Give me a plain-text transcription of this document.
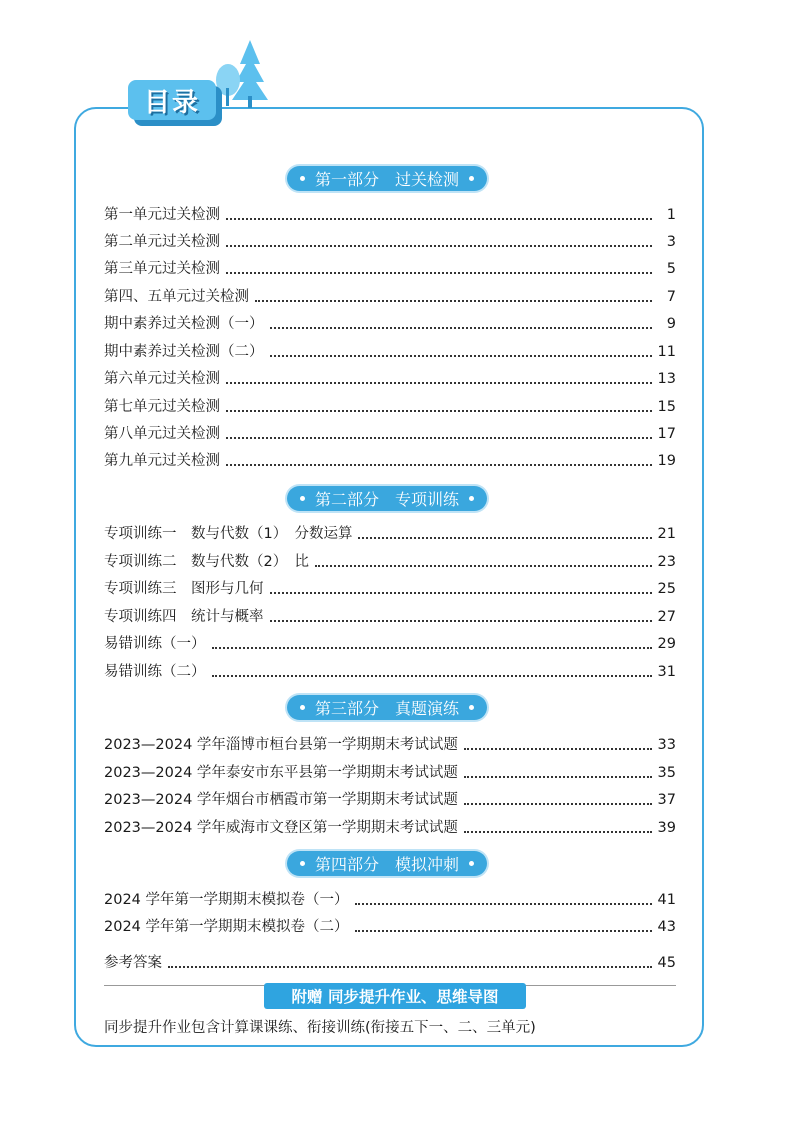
目录
第一部分　过关检测
第一单元过关检测	1
第二单元过关检测	3
第三单元过关检测	5
第四、五单元过关检测	7
期中素养过关检测（一）	9
期中素养过关检测（二）	11
第六单元过关检测	13
第七单元过关检测	15
第八单元过关检测	17
第九单元过关检测	19
第二部分　专项训练
专项训练一　数与代数（1）　分数运算	21
专项训练二　数与代数（2）　比	23
专项训练三　图形与几何	25
专项训练四　统计与概率	27
易错训练（一）	29
易错训练（二）	31
第三部分　真题演练
2023—2024 学年淄博市桓台县第一学期期末考试试题	33
2023—2024 学年泰安市东平县第一学期期末考试试题	35
2023—2024 学年烟台市栖霞市第一学期期末考试试题	37
2023—2024 学年威海市文登区第一学期期末考试试题	39
第四部分　模拟冲刺
2024 学年第一学期期末模拟卷（一）	41
2024 学年第一学期期末模拟卷（二）	43
参考答案	45
附赠 同步提升作业、思维导图
同步提升作业包含计算课课练、衔接训练(衔接五下一、二、三单元)
